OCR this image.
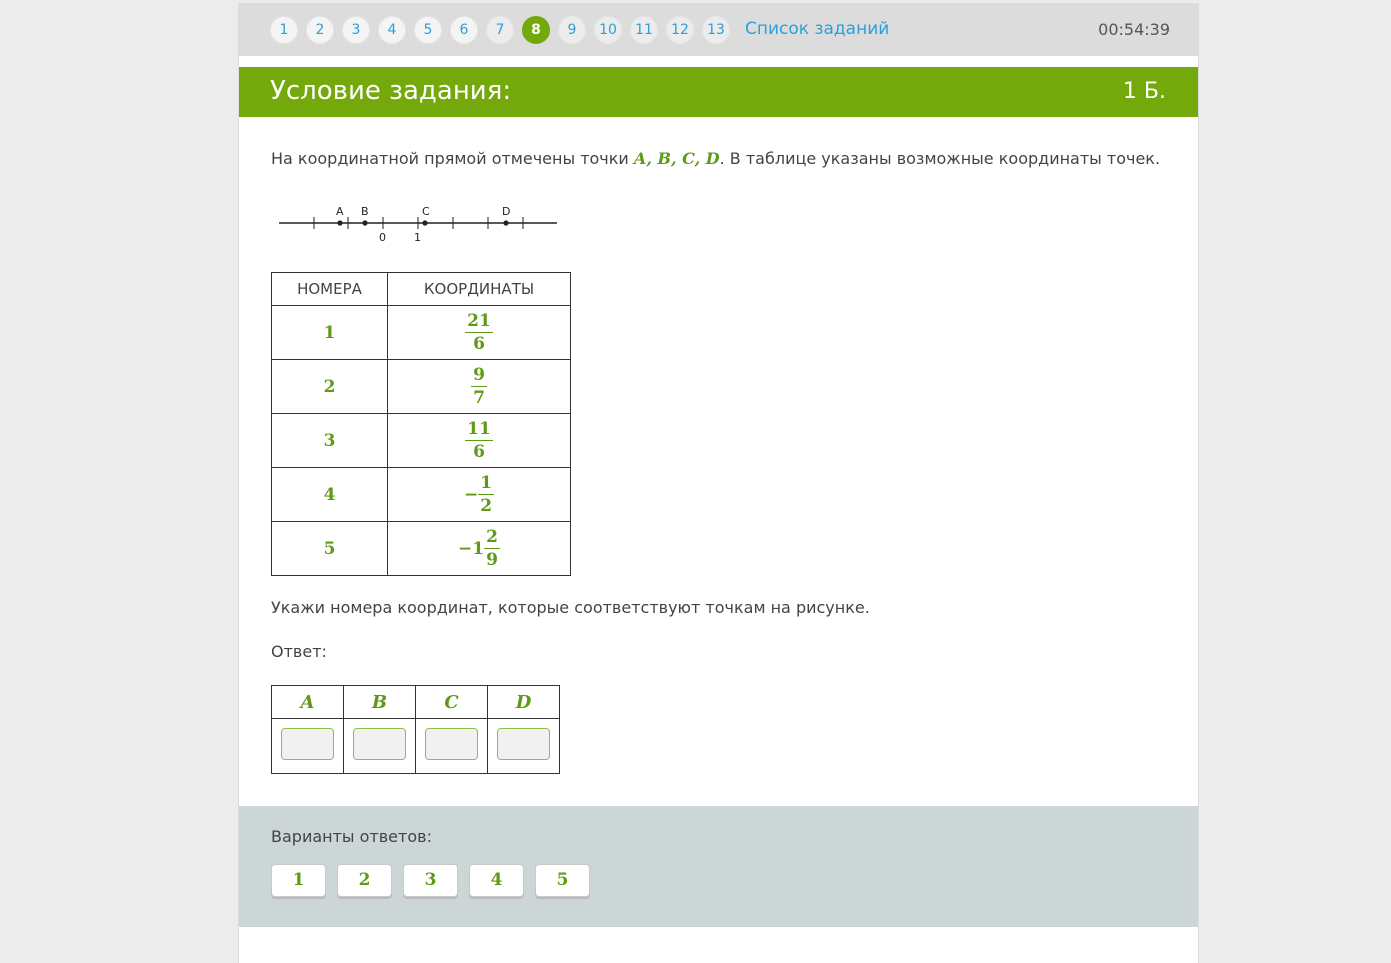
1	2	3	4	5	6	7	8	9	10	11	12	13 Список заданий	00:54:39
Условие задания:	1 Б.
На координатной прямой отмечены точки A, B, C, D. В таблице указаны возможные координаты точек.
A B	C	D
0	1
НОМЕРА	КООРДИНАТЫ
1	$\frac{21}{6}$

2	$\frac{9}{7}$

3	$\frac{11}{6}$

4	− $\frac{1}{2}$

5	$-1 \frac{2}{9}$
Укажи номера координат, которые соответствуют точкам на рисунке.
Ответ:
A	B	C	D

Варианты ответов:
1	2	3	4	5
